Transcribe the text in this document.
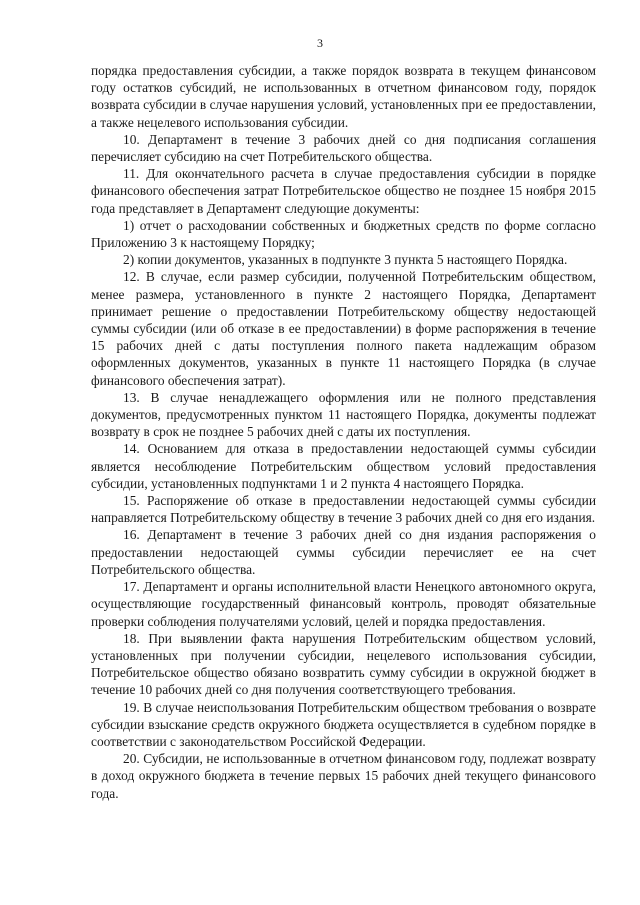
3

порядка предоставления субсидии, а также порядок возврата в текущем финансовом году остатков субсидий, не использованных в отчетном финансовом году, порядок возврата субсидии в случае нарушения условий, установленных при ее предоставлении, а также нецелевого использования субсидии.

10. Департамент в течение 3 рабочих дней со дня подписания соглашения перечисляет субсидию на счет Потребительского общества.

11. Для окончательного расчета в случае предоставления субсидии в порядке финансового обеспечения затрат Потребительское общество не позднее 15 ноября 2015 года представляет в Департамент следующие документы:

1) отчет о расходовании собственных и бюджетных средств по форме согласно Приложению 3 к настоящему Порядку;

2) копии документов, указанных в подпункте 3 пункта 5 настоящего Порядка.

12. В случае, если размер субсидии, полученной Потребительским обществом, менее размера, установленного в пункте 2 настоящего Порядка, Департамент принимает решение о предоставлении Потребительскому обществу недостающей суммы субсидии (или об отказе в ее предоставлении) в форме распоряжения в течение 15 рабочих дней с даты поступления полного пакета надлежащим образом оформленных документов, указанных в пункте 11 настоящего Порядка (в случае финансового обеспечения затрат).

13. В случае ненадлежащего оформления или не полного представления документов, предусмотренных пунктом 11 настоящего Порядка, документы подлежат возврату в срок не позднее 5 рабочих дней с даты их поступления.

14. Основанием для отказа в предоставлении недостающей суммы субсидии является несоблюдение Потребительским обществом условий предоставления субсидии, установленных подпунктами 1 и 2 пункта 4 настоящего Порядка.

15. Распоряжение об отказе в предоставлении недостающей суммы субсидии направляется Потребительскому обществу в течение 3 рабочих дней со дня его издания.

16. Департамент в течение 3 рабочих дней со дня издания распоряжения о предоставлении недостающей суммы субсидии перечисляет ее на счет Потребительского общества.

17. Департамент и органы исполнительной власти Ненецкого автономного округа, осуществляющие государственный финансовый контроль, проводят обязательные проверки соблюдения получателями условий, целей и порядка предоставления.

18. При выявлении факта нарушения Потребительским обществом условий, установленных при получении субсидии, нецелевого использования субсидии, Потребительское общество обязано возвратить сумму субсидии в окружной бюджет в течение 10 рабочих дней со дня получения соответствующего требования.

19. В случае неиспользования Потребительским обществом требования о возврате субсидии взыскание средств окружного бюджета осуществляется в судебном порядке в соответствии с законодательством Российской Федерации.

20. Субсидии, не использованные в отчетном финансовом году, подлежат возврату в доход окружного бюджета в течение первых 15 рабочих дней текущего финансового года.
